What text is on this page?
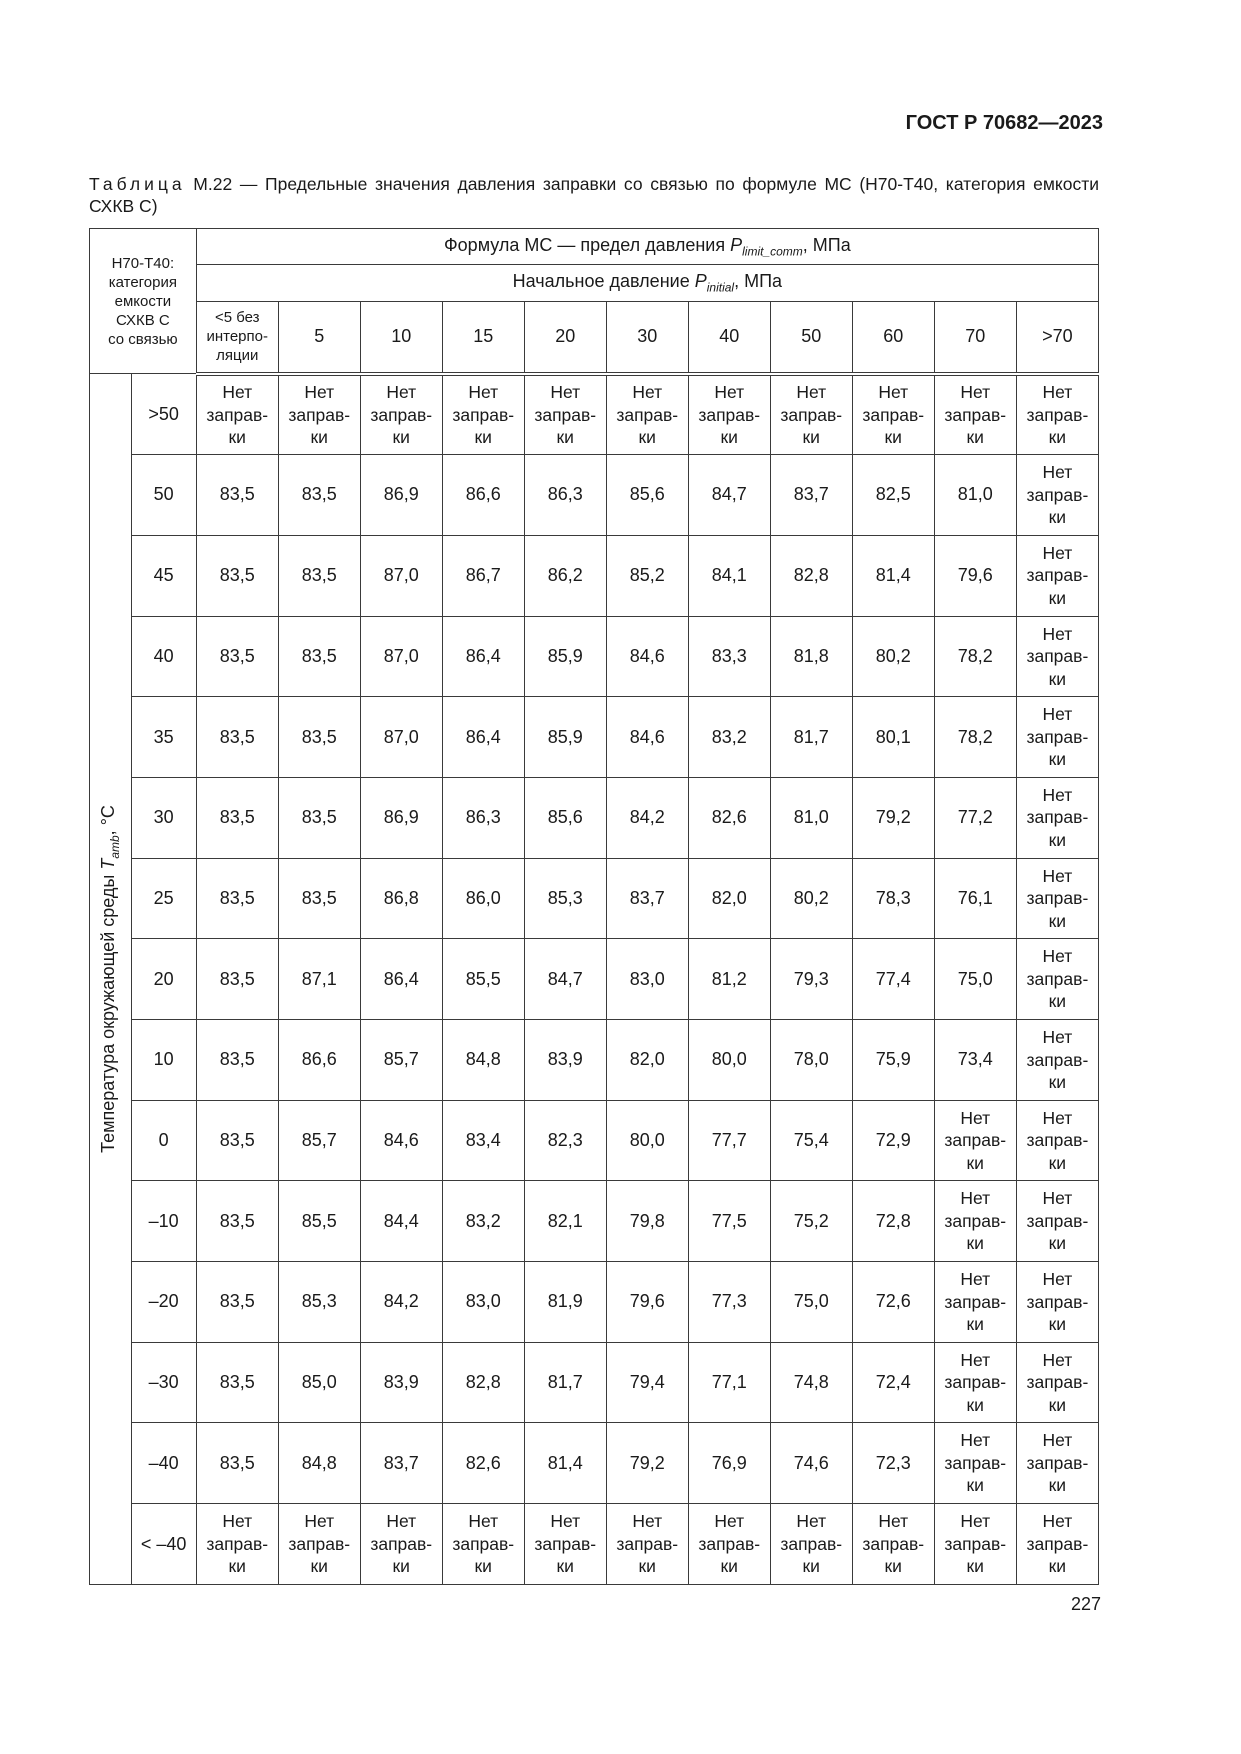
ГОСТ Р 70682—2023
Таблица М.22 — Предельные значения давления заправки со связью по формуле МС (Н70-Т40, категория емкости СХКВ С)
Н70-Т40:
категория
емкости
СХКВ С
со связью		Формула МС — предел давления $P_{limit\_comm}$, МПа										
		Начальное давление $P_{initial}$, МПа										
		<5 без
интерпо-
ляции	5	10	15	20	30	40	50	60	70	>70

Температура окружающей среды $T_{amb}$, °С	>50	Нет
заправ-
ки	Нет
заправ-
ки	Нет
заправ-
ки	Нет
заправ-
ки	Нет
заправ-
ки	Нет
заправ-
ки	Нет
заправ-
ки	Нет
заправ-
ки	Нет
заправ-
ки	Нет
заправ-
ки	Нет
заправ-
ки
	50	83,5	83,5	86,9	86,6	86,3	85,6	84,7	83,7	82,5	81,0	Нет
заправ-
ки
	45	83,5	83,5	87,0	86,7	86,2	85,2	84,1	82,8	81,4	79,6	Нет
заправ-
ки
	40	83,5	83,5	87,0	86,4	85,9	84,6	83,3	81,8	80,2	78,2	Нет
заправ-
ки
	35	83,5	83,5	87,0	86,4	85,9	84,6	83,2	81,7	80,1	78,2	Нет
заправ-
ки
	30	83,5	83,5	86,9	86,3	85,6	84,2	82,6	81,0	79,2	77,2	Нет
заправ-
ки
	25	83,5	83,5	86,8	86,0	85,3	83,7	82,0	80,2	78,3	76,1	Нет
заправ-
ки
	20	83,5	87,1	86,4	85,5	84,7	83,0	81,2	79,3	77,4	75,0	Нет
заправ-
ки
	10	83,5	86,6	85,7	84,8	83,9	82,0	80,0	78,0	75,9	73,4	Нет
заправ-
ки
	0	83,5	85,7	84,6	83,4	82,3	80,0	77,7	75,4	72,9	Нет
заправ-
ки	Нет
заправ-
ки
	–10	83,5	85,5	84,4	83,2	82,1	79,8	77,5	75,2	72,8	Нет
заправ-
ки	Нет
заправ-
ки
	–20	83,5	85,3	84,2	83,0	81,9	79,6	77,3	75,0	72,6	Нет
заправ-
ки	Нет
заправ-
ки
	–30	83,5	85,0	83,9	82,8	81,7	79,4	77,1	74,8	72,4	Нет
заправ-
ки	Нет
заправ-
ки
	–40	83,5	84,8	83,7	82,6	81,4	79,2	76,9	74,6	72,3	Нет
заправ-
ки	Нет
заправ-
ки
	< –40	Нет
заправ-
ки	Нет
заправ-
ки	Нет
заправ-
ки	Нет
заправ-
ки	Нет
заправ-
ки	Нет
заправ-
ки	Нет
заправ-
ки	Нет
заправ-
ки	Нет
заправ-
ки	Нет
заправ-
ки	Нет
заправ-
ки
227
